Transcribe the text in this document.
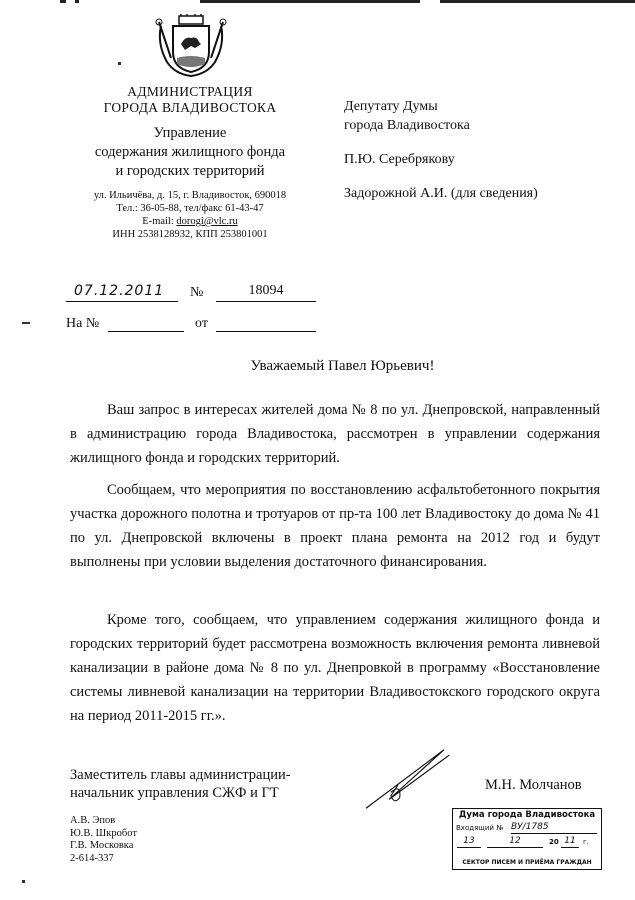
АДМИНИСТРАЦИЯ
ГОРОДА ВЛАДИВОСТОКА
Управление
содержания жилищного фонда
и городских территорий
ул. Ильичёва, д. 15, г. Владивосток, 690018
Тел.: 36-05-88, тел/факс 61-43-47
E-mail: dorogi@vlc.ru
ИНН 2538128932, КПП 253801001
Депутату Думы
города Владивостока
П.Ю. Серебрякову
Задорожной А.И. (для сведения)
07.12.2011 №	18094
На №	от
Уважаемый Павел Юрьевич!

Ваш запрос в интересах жителей дома № 8 по ул. Днепровской, направленный в администрацию города Владивостока, рассмотрен в управлении содержания жилищного фонда и городских территорий.

Сообщаем, что мероприятия по восстановлению асфальтобетонного покрытия участка дорожного полотна и тротуаров от пр-та 100 лет Владивостоку до дома № 41 по ул. Днепровской включены в проект плана ремонта на 2012 год и будут выполнены при условии выделения достаточного финансирования.

Кроме того, сообщаем, что управлением содержания жилищного фонда и городских территорий будет рассмотрена возможность включения ремонта ливневой канализации в районе дома № 8 по ул. Днепровкой в программу «Восстановление системы ливневой канализации на территории Владивостокского городского округа на период 2011-2015 гг.».

Заместитель главы администрации-
начальник управления СЖФ и ГТ	М.Н. Молчанов
А.В. Эпов
Ю.В. Шкробот
Г.В. Московка
2-614-337
Дума города Владивостока
Входящий № ВУ/1785
13	12	20 11	г.
СЕКТОР ПИСЕМ И ПРИЁМА ГРАЖДАН
